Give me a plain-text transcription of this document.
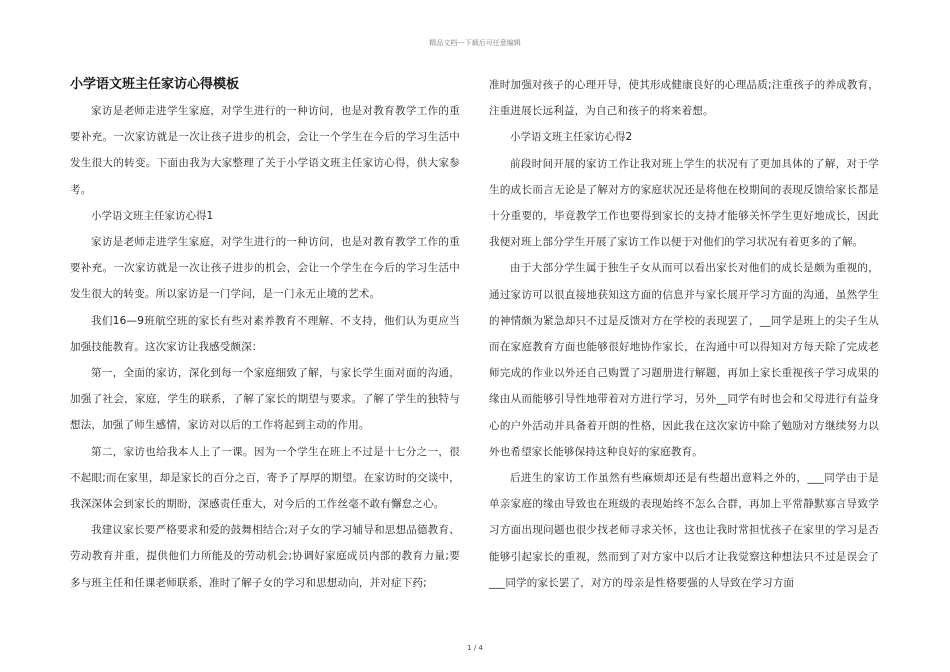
精品文档---下载后可任意编辑
小学语文班主任家访心得模板

家访是老师走进学生家庭，对学生进行的一种访问，也是对教育教学工作的重要补充。一次家访就是一次让孩子进步的机会，会让一个学生在今后的学习生活中发生很大的转变。下面由我为大家整理了关于小学语文班主任家访心得，供大家参考。

小学语文班主任家访心得1

家访是老师走进学生家庭，对学生进行的一种访问，也是对教育教学工作的重要补充。一次家访就是一次让孩子进步的机会，会让一个学生在今后的学习生活中发生很大的转变。所以家访是一门学问，是一门永无止境的艺术。

我们16—9班航空班的家长有些对素养教育不理解、不支持，他们认为更应当加强技能教育。这次家访让我感受颇深：

第一，全面的家访，深化到每一个家庭细致了解，与家长学生面对面的沟通，加强了社会，家庭，学生的联系，了解了家长的期望与要求。了解了学生的独特与想法，加强了师生感情，家访对以后的工作将起到主动的作用。

第二，家访也给我本人上了一课。因为一个学生在班上不过是十七分之一，很不起眼;而在家里，却是家长的百分之百，寄予了厚厚的期望。在家访时的交谈中，我深深体会到家长的期盼，深感责任重大，对今后的工作丝毫不敢有懈怠之心。

我建议家长要严格要求和爱的鼓舞相结合;对子女的学习辅导和思想品德教育、劳动教育并重，提供他们力所能及的劳动机会;协调好家庭成员内部的教育力量;要多与班主任和任课老师联系，准时了解子女的学习和思想动向，并对症下药;

准时加强对孩子的心理开导，使其形成健康良好的心理品质;注重孩子的养成教育，注重进展长远利益，为自己和孩子的将来着想。

小学语文班主任家访心得2

前段时间开展的家访工作让我对班上学生的状况有了更加具体的了解，对于学生的成长而言无论是了解对方的家庭状况还是将他在校期间的表现反馈给家长都是十分重要的，毕竟教学工作也要得到家长的支持才能够关怀学生更好地成长，因此我便对班上部分学生开展了家访工作以便于对他们的学习状况有着更多的了解。

由于大部分学生属于独生子女从而可以看出家长对他们的成长是颇为重视的，通过家访可以很直接地获知这方面的信息并与家长展开学习方面的沟通，虽然学生的神情颇为紧急却只不过是反馈对方在学校的表现罢了，__同学是班上的尖子生从而在家庭教育方面也能够很好地协作家长，在沟通中可以得知对方每天除了完成老师完成的作业以外还自己购置了习题册进行解题，再加上家长重视孩子学习成果的缘由从而能够引导性地带着对方进行学习，另外__同学有时也会和父母进行有益身心的户外活动并具备着开朗的性格，因此我在这次家访中除了勉励对方继续努力以外也希望家长能够保持这种良好的家庭教育。

后进生的家访工作虽然有些麻烦却还是有些超出意料之外的，___同学由于是单亲家庭的缘由导致也在班级的表现始终不怎么合群，再加上平常静默寡言导致学习方面出现问题也很少找老师寻求关怀，这也让我时常担忧孩子在家里的学习是否能够引起家长的重视，然而到了对方家中以后才让我觉察这种想法只不过是误会了___同学的家长罢了，对方的母亲是性格要强的人导致在学习方面

1 / 4
